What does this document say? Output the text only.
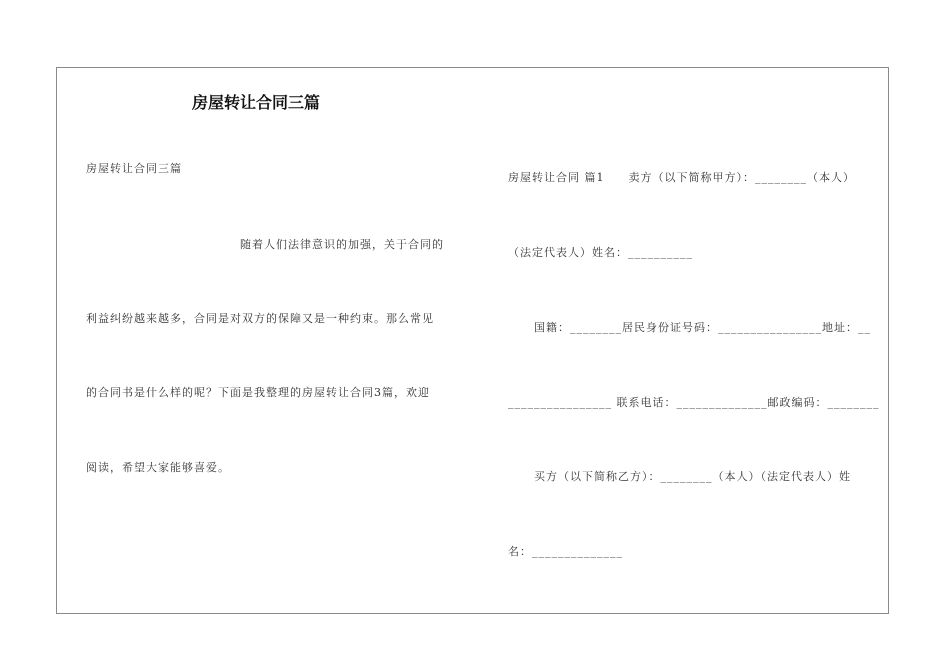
房屋转让合同三篇
房屋转让合同三篇
随着人们法律意识的加强，关于合同的
利益纠纷越来越多，合同是对双方的保障又是一种约束。那么常见
的合同书是什么样的呢？下面是我整理的房屋转让合同3篇，欢迎
阅读，希望大家能够喜爱。
房屋转让合同 篇1　　卖方（以下简称甲方）：________（本人）
（法定代表人）姓名：__________
国籍：________居民身份证号码：________________地址：__
________________ 联系电话：______________邮政编码：________
买方（以下简称乙方）：________（本人）（法定代表人）姓
名：______________
